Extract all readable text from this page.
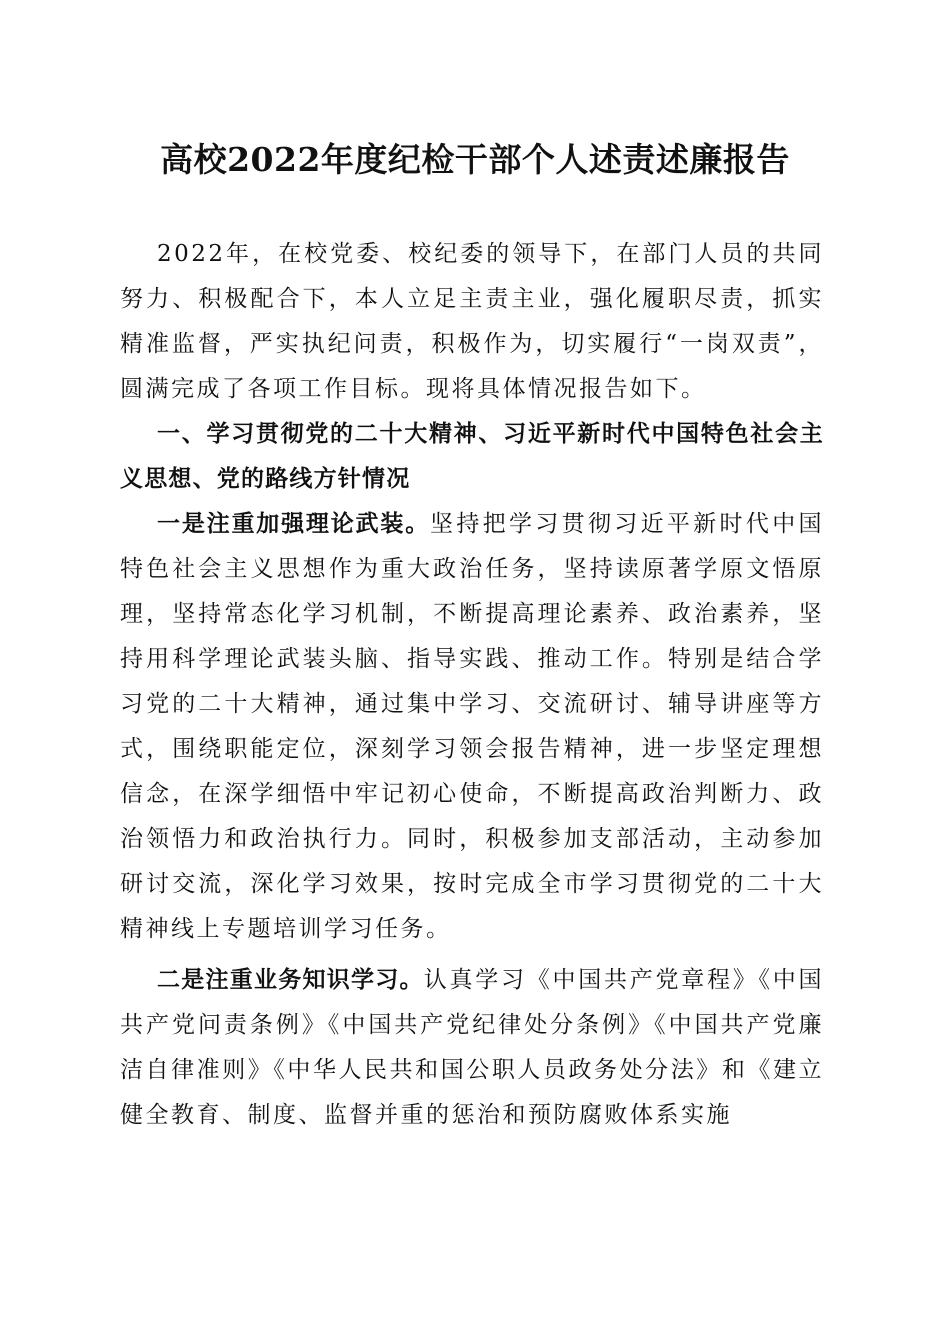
高校2022年度纪检干部个人述责述廉报告

2022年，在校党委、校纪委的领导下，在部门人员的共同努力、积极配合下，本人立足主责主业，强化履职尽责，抓实精准监督，严实执纪问责，积极作为，切实履行“一岗双责”，圆满完成了各项工作目标。现将具体情况报告如下。

一、学习贯彻党的二十大精神、习近平新时代中国特色社会主义思想、党的路线方针情况

一是注重加强理论武装。坚持把学习贯彻习近平新时代中国特色社会主义思想作为重大政治任务，坚持读原著学原文悟原理，坚持常态化学习机制，不断提高理论素养、政治素养，坚持用科学理论武装头脑、指导实践、推动工作。特别是结合学习党的二十大精神，通过集中学习、交流研讨、辅导讲座等方式，围绕职能定位，深刻学习领会报告精神，进一步坚定理想信念，在深学细悟中牢记初心使命，不断提高政治判断力、政治领悟力和政治执行力。同时，积极参加支部活动，主动参加研讨交流，深化学习效果，按时完成全市学习贯彻党的二十大精神线上专题培训学习任务。

二是注重业务知识学习。认真学习《中国共产党章程》《中国共产党问责条例》《中国共产党纪律处分条例》《中国共产党廉洁自律准则》《中华人民共和国公职人员政务处分法》和《建立健全教育、制度、监督并重的惩治和预防腐败体系实施
